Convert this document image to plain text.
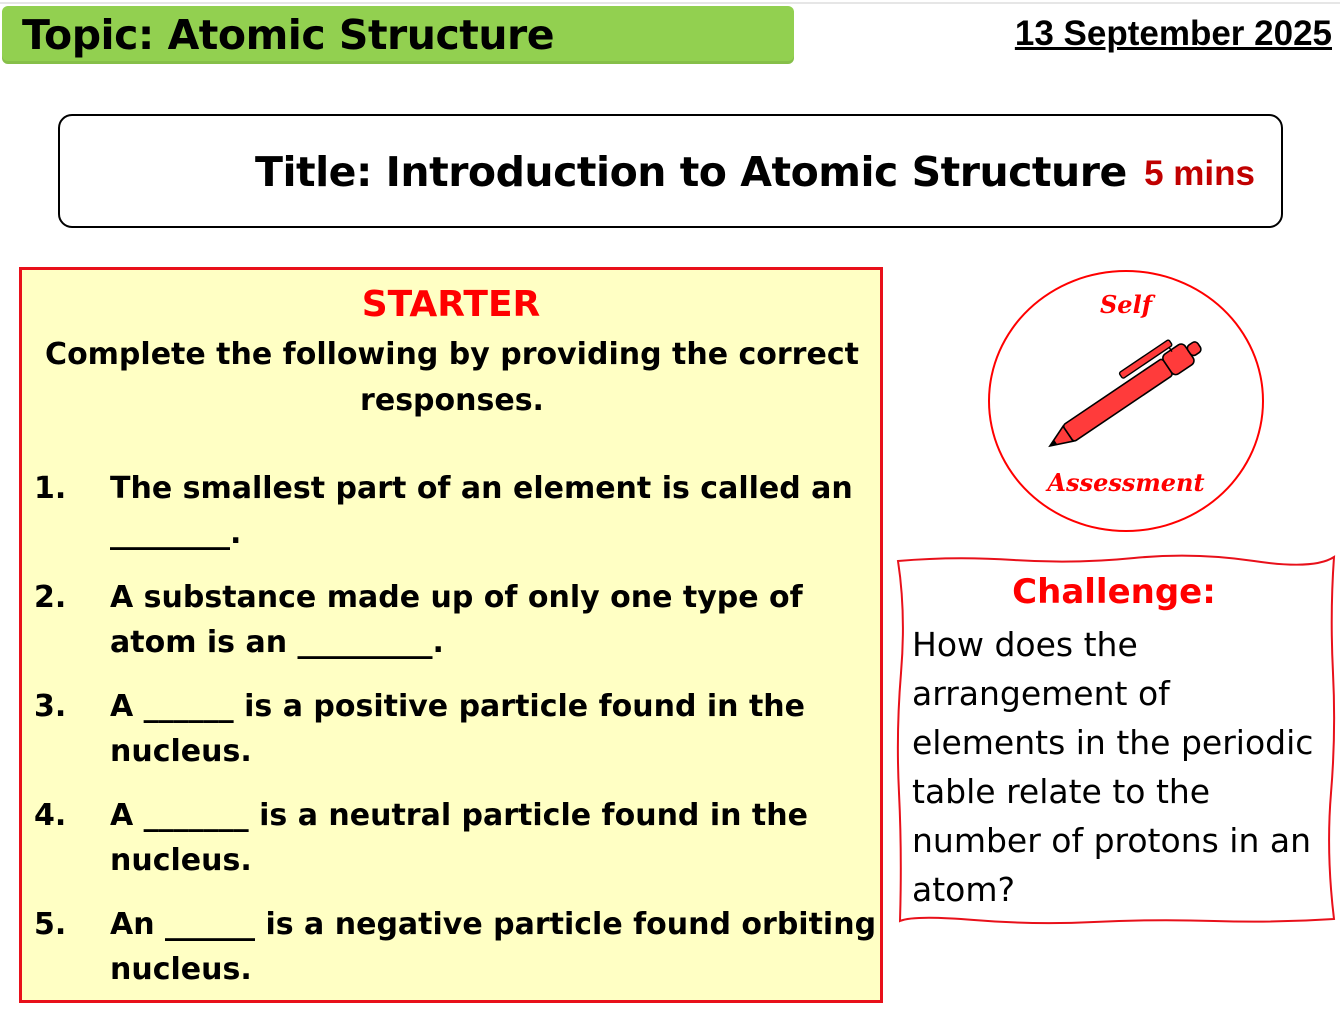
Topic: Atomic Structure	13 September 2025
Title: Introduction to Atomic Structure 5 mins
STARTER
Complete the following by providing the correct responses.
1.	The smallest part of an element is called an ________.
2.	A substance made up of only one type of atom is an _________.
3.	A ______ is a positive particle found in the nucleus.
4.	A _______ is a neutral particle found in the nucleus.
5.	An ______ is a negative particle found orbiting nucleus.
Self
Assessment
Challenge:
How does the arrangement of elements in the periodic table relate to the number of protons in an atom?
